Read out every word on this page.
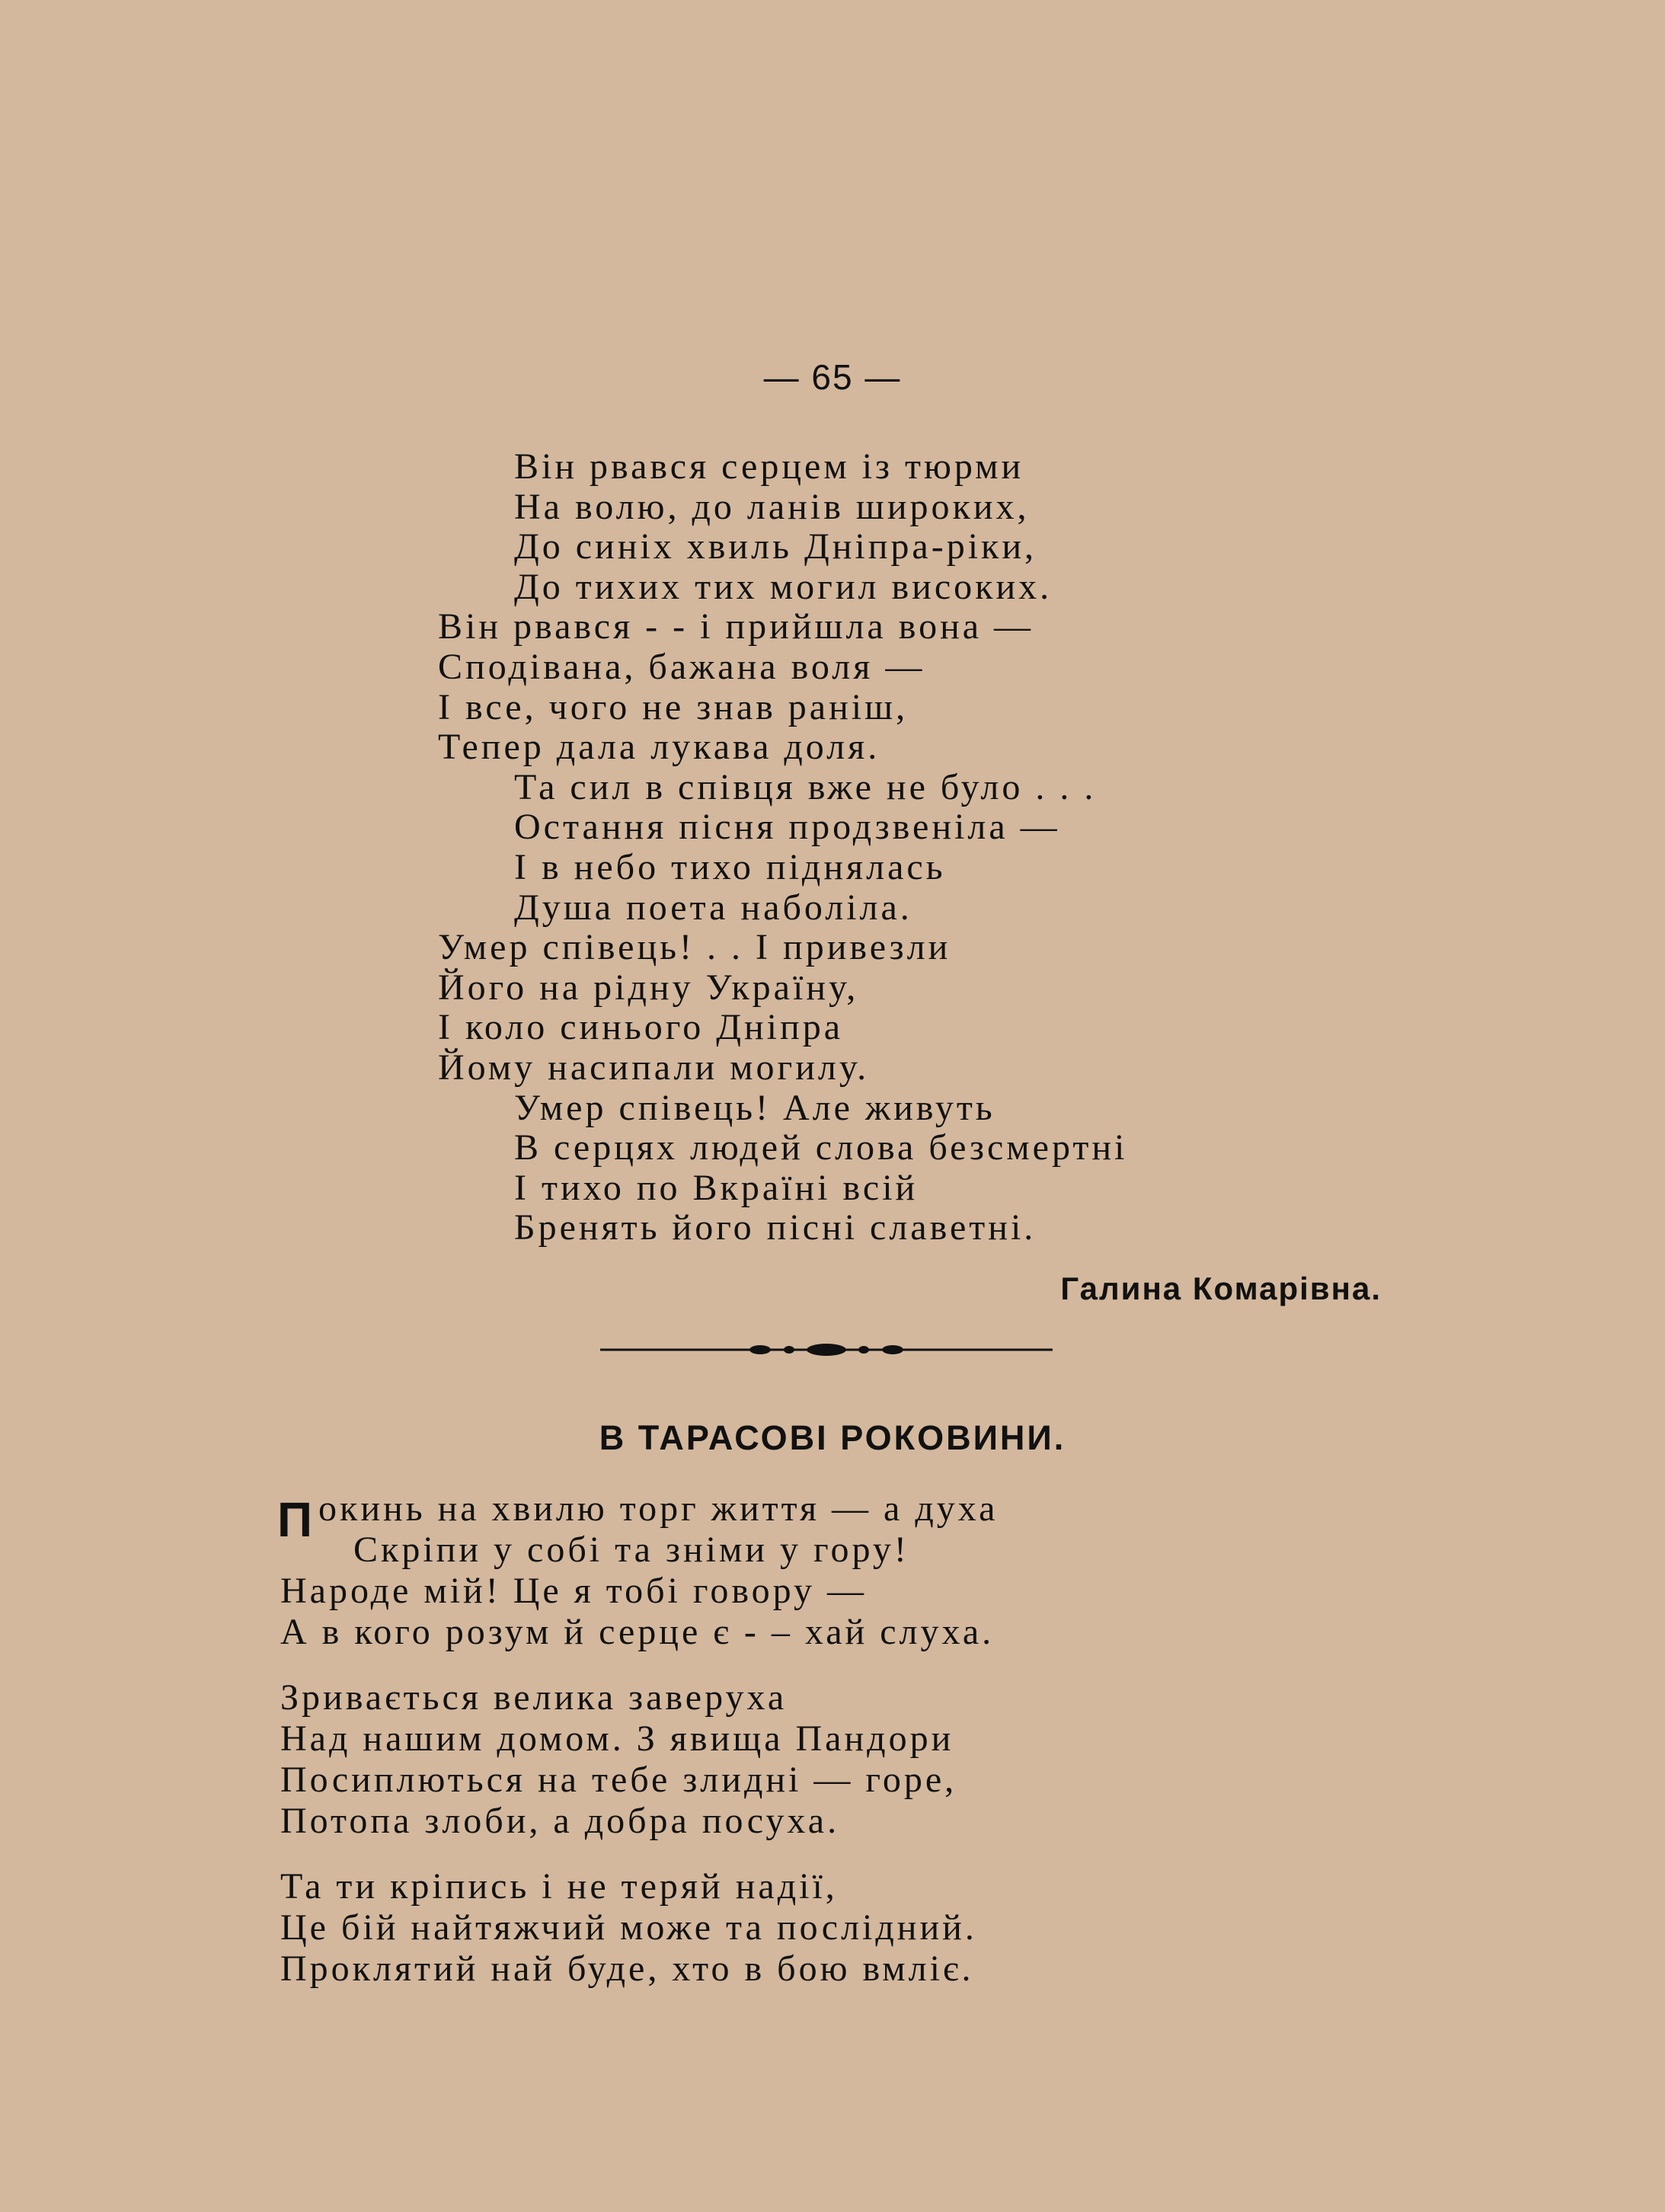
— 65 —
Він рвався серцем із тюрми
На волю, до ланів широких,
До синіх хвиль Дніпра-ріки,
До тихих тих могил високих.
Він рвався - - і прийшла вона —
Сподівана, бажана воля —
І все, чого не знав раніш,
Тепер дала лукава доля.
Та сил в співця вже не було . . .
Остання пісня продзвеніла —
І в небо тихо піднялась
Душа поета наболіла.
Умер співець! . . І привезли
Його на рідну Україну,
І коло синього Дніпра
Йому насипали могилу.
Умер співець! Але живуть
В серцях людей слова безсмертні
І тихо по Вкраїні всій
Бренять його пісні славетні.
Галина Комарівна.
В ТАРАСОВІ РОКОВИНИ.
Покинь на хвилю торг життя — а духа
Скріпи у собі та зніми у гору!
Народе мій! Це я тобі говору —
А в кого розум й серце є - – хай слуха.
Зривається велика заверуха
Над нашим домом. З явища Пандори
Посиплються на тебе злидні — горе,
Потопа злоби, а добра посуха.
Та ти кріпись і не теряй надії,
Це бій найтяжчий може та послідний.
Проклятий най буде, хто в бою вмліє.
